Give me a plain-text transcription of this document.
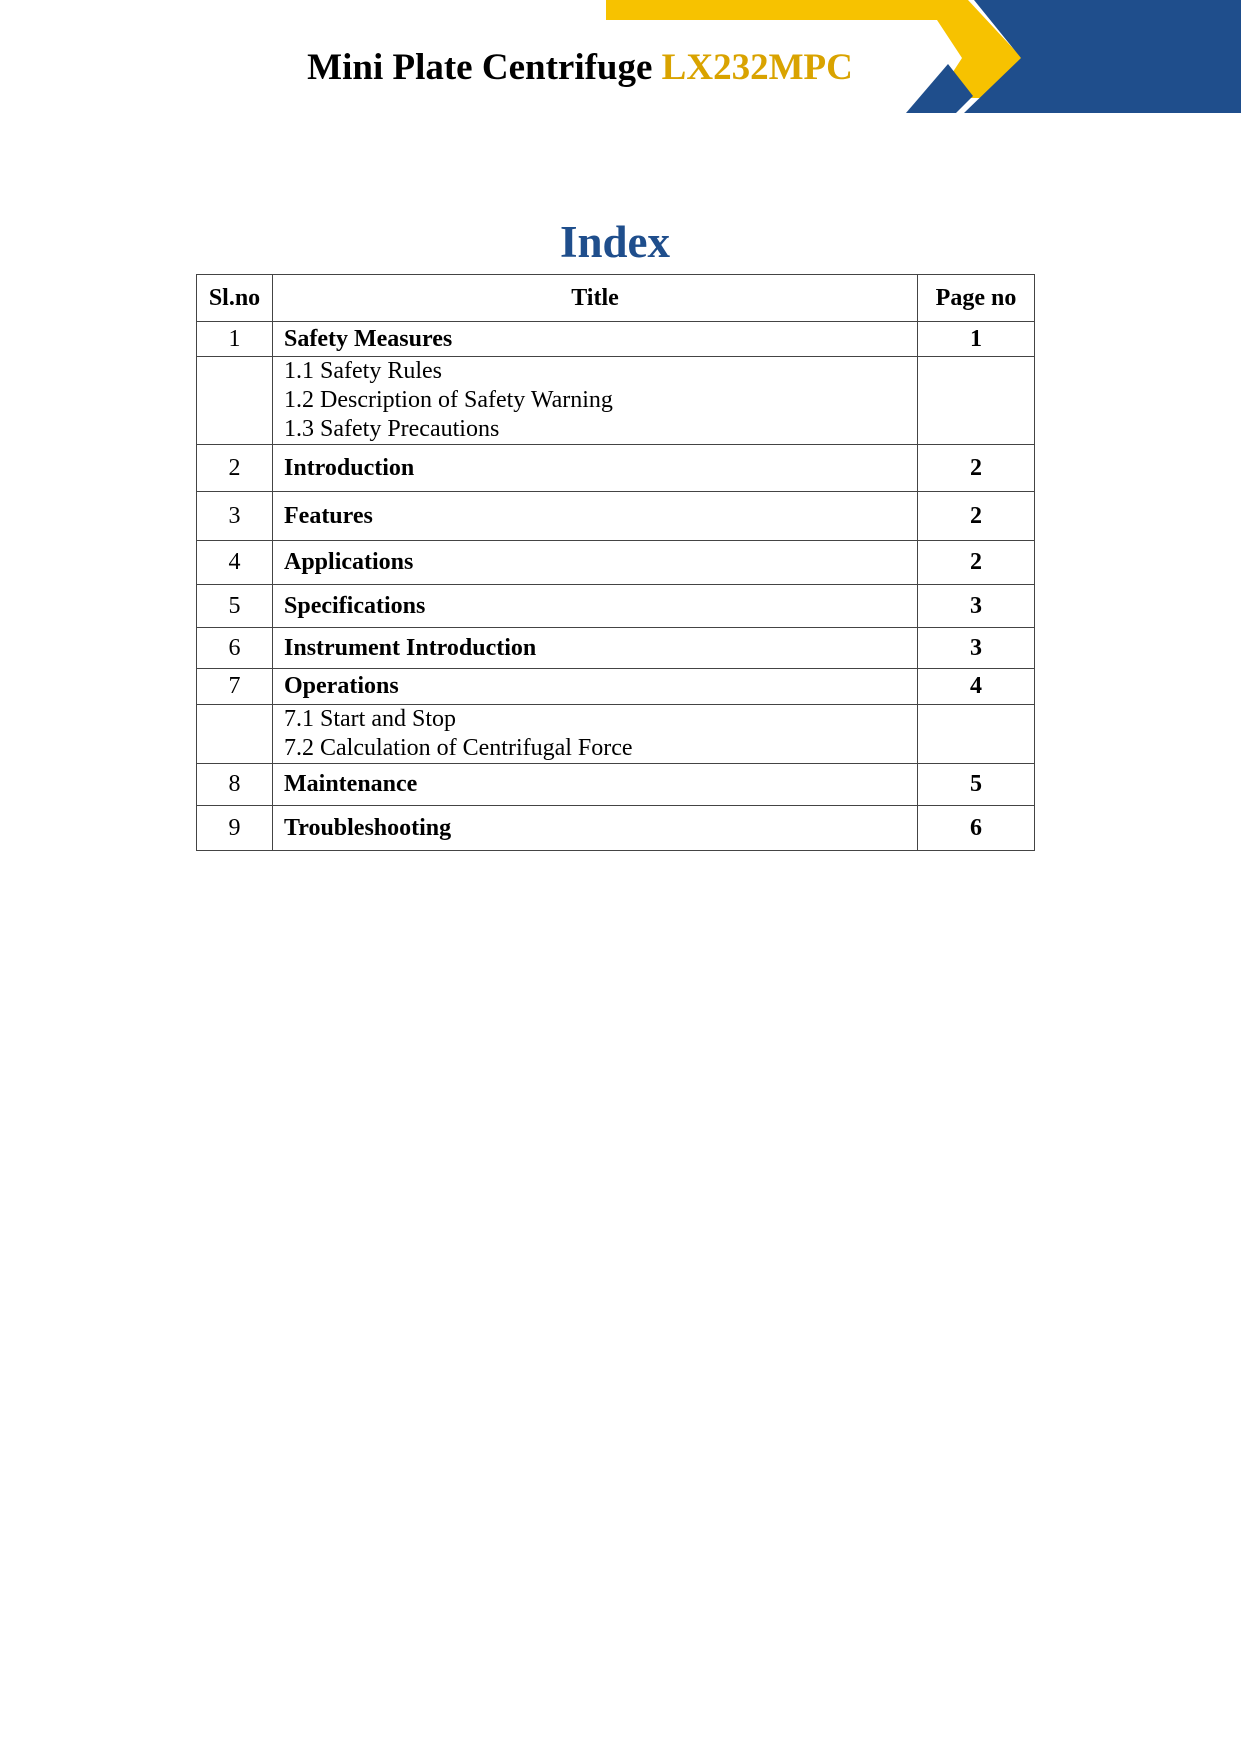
Mini Plate Centrifuge LX232MPC
Index
Sl.no	Title	Page no
1	Safety Measures	1

	1.1 Safety Rules
1.2 Description of Safety Warning
1.3 Safety Precautions	

2	Introduction	2
3	Features	2
4	Applications	2
5	Specifications	3
6	Instrument Introduction	3
7	Operations	4

	7.1 Start and Stop
7.2 Calculation of Centrifugal Force	

8	Maintenance	5
9	Troubleshooting	6
